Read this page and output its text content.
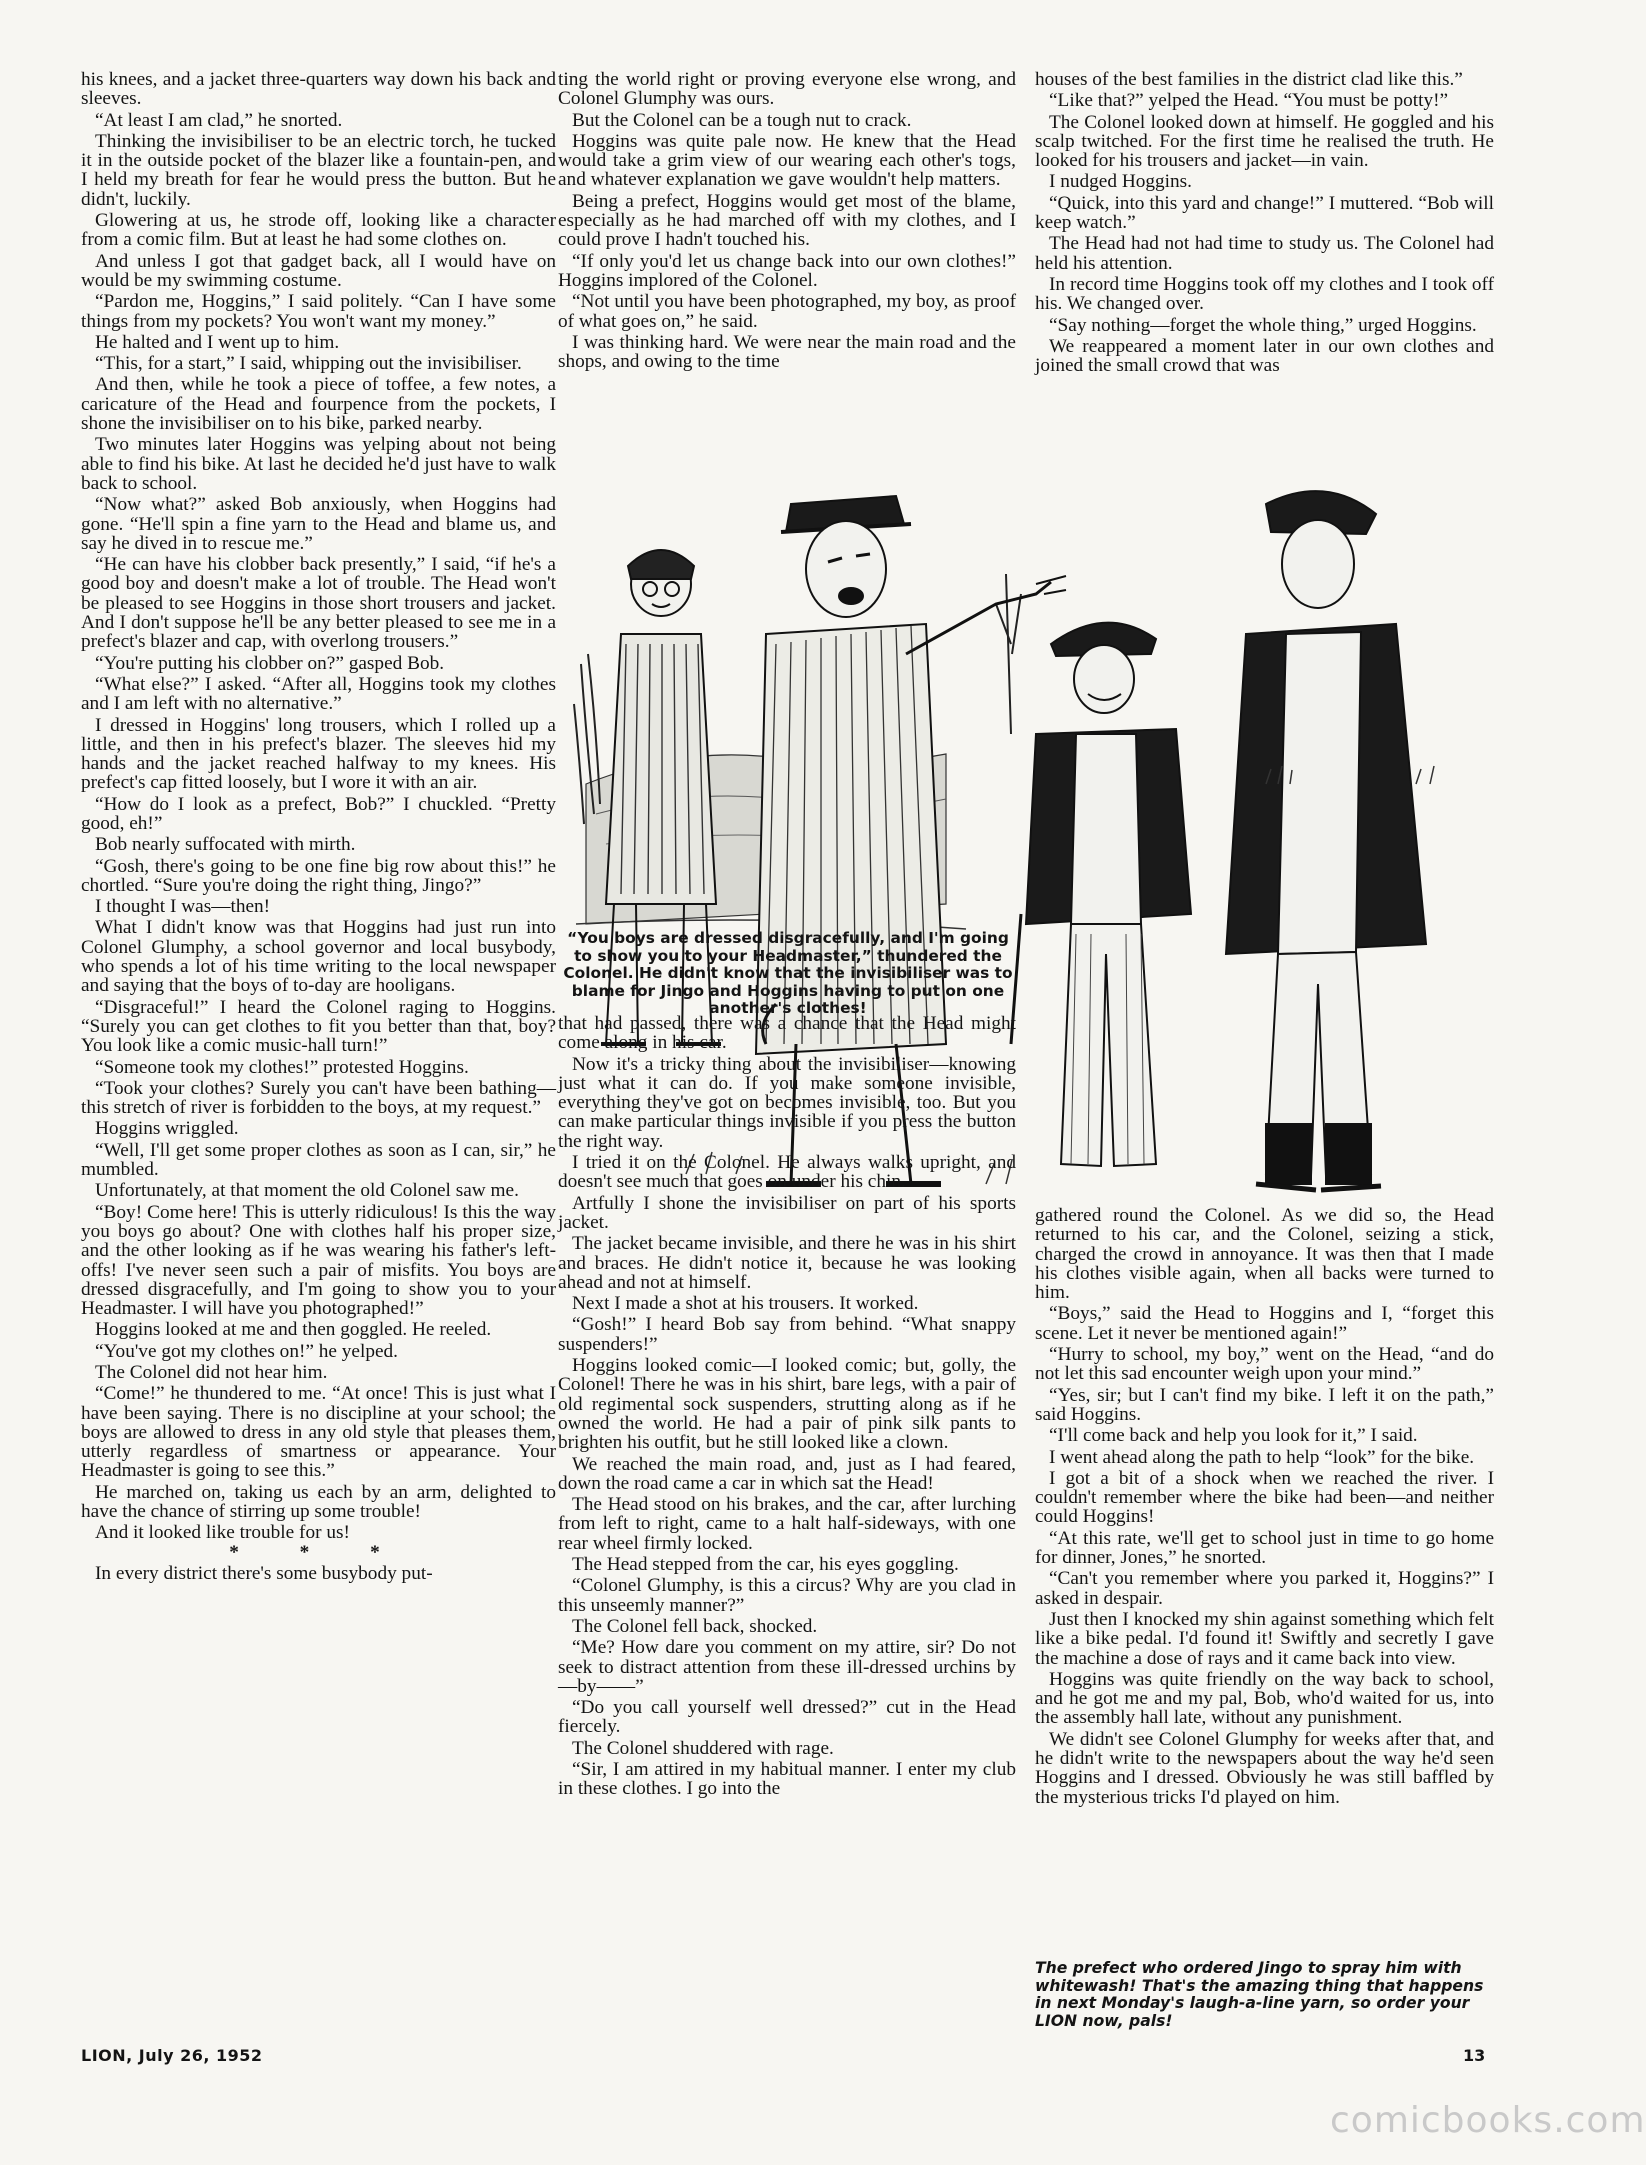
his knees, and a jacket three-quarters way down his back and sleeves.

“At least I am clad,” he snorted.

Thinking the invisibiliser to be an electric torch, he tucked it in the outside pocket of the blazer like a fountain-pen, and I held my breath for fear he would press the button. But he didn't, luckily.

Glowering at us, he strode off, looking like a character from a comic film. But at least he had some clothes on.

And unless I got that gadget back, all I would have on would be my swimming costume.

“Pardon me, Hoggins,” I said politely. “Can I have some things from my pockets? You won't want my money.”

He halted and I went up to him.

“This, for a start,” I said, whipping out the invisibiliser.

And then, while he took a piece of toffee, a few notes, a caricature of the Head and fourpence from the pockets, I shone the invisibiliser on to his bike, parked nearby.

Two minutes later Hoggins was yelping about not being able to find his bike. At last he decided he'd just have to walk back to school.

“Now what?” asked Bob anxiously, when Hoggins had gone. “He'll spin a fine yarn to the Head and blame us, and say he dived in to rescue me.”

“He can have his clobber back presently,” I said, “if he's a good boy and doesn't make a lot of trouble. The Head won't be pleased to see Hoggins in those short trousers and jacket. And I don't suppose he'll be any better pleased to see me in a prefect's blazer and cap, with overlong trousers.”

“You're putting his clobber on?” gasped Bob.

“What else?” I asked. “After all, Hoggins took my clothes and I am left with no alternative.”

I dressed in Hoggins' long trousers, which I rolled up a little, and then in his prefect's blazer. The sleeves hid my hands and the jacket reached halfway to my knees. His prefect's cap fitted loosely, but I wore it with an air.

“How do I look as a prefect, Bob?” I chuckled. “Pretty good, eh!”

Bob nearly suffocated with mirth.

“Gosh, there's going to be one fine big row about this!” he chortled. “Sure you're doing the right thing, Jingo?”

I thought I was—then!

What I didn't know was that Hoggins had just run into Colonel Glumphy, a school governor and local busybody, who spends a lot of his time writing to the local newspaper and saying that the boys of to-day are hooligans.

“Disgraceful!” I heard the Colonel raging to Hoggins. “Surely you can get clothes to fit you better than that, boy? You look like a comic music-hall turn!”

“Someone took my clothes!” protested Hoggins.

“Took your clothes? Surely you can't have been bathing—this stretch of river is forbidden to the boys, at my request.”

Hoggins wriggled.

“Well, I'll get some proper clothes as soon as I can, sir,” he mumbled.

Unfortunately, at that moment the old Colonel saw me.

“Boy! Come here! This is utterly ridiculous! Is this the way you boys go about? One with clothes half his proper size, and the other looking as if he was wearing his father's left-offs! I've never seen such a pair of misfits. You boys are dressed disgracefully, and I'm going to show you to your Headmaster. I will have you photographed!”

Hoggins looked at me and then goggled. He reeled.

“You've got my clothes on!” he yelped.

The Colonel did not hear him.

“Come!” he thundered to me. “At once! This is just what I have been saying. There is no discipline at your school; the boys are allowed to dress in any old style that pleases them, utterly regardless of smartness or appearance. Your Headmaster is going to see this.”

He marched on, taking us each by an arm, delighted to have the chance of stirring up some trouble!

And it looked like trouble for us!

* * *

In every district there's some busybody put-

ting the world right or proving everyone else wrong, and Colonel Glumphy was ours.

But the Colonel can be a tough nut to crack.

Hoggins was quite pale now. He knew that the Head would take a grim view of our wearing each other's togs, and whatever explanation we gave wouldn't help matters.

Being a prefect, Hoggins would get most of the blame, especially as he had marched off with my clothes, and I could prove I hadn't touched his.

“If only you'd let us change back into our own clothes!” Hoggins implored of the Colonel.

“Not until you have been photographed, my boy, as proof of what goes on,” he said.

I was thinking hard. We were near the main road and the shops, and owing to the time

“You boys are dressed disgracefully, and I'm going to show you to your Headmaster,” thundered the Colonel. He didn't know that the invisibiliser was to blame for Jingo and Hoggins having to put on one another's clothes!

that had passed, there was a chance that the Head might come along in his car.

Now it's a tricky thing about the invisibiliser—knowing just what it can do. If you make someone invisible, everything they've got on becomes invisible, too. But you can make particular things invisible if you press the button the right way.

I tried it on the Colonel. He always walks upright, and doesn't see much that goes on under his chin.

Artfully I shone the invisibiliser on part of his sports jacket.

The jacket became invisible, and there he was in his shirt and braces. He didn't notice it, because he was looking ahead and not at himself.

Next I made a shot at his trousers. It worked.

“Gosh!” I heard Bob say from behind. “What snappy suspenders!”

Hoggins looked comic—I looked comic; but, golly, the Colonel! There he was in his shirt, bare legs, with a pair of old regimental sock suspenders, strutting along as if he owned the world. He had a pair of pink silk pants to brighten his outfit, but he still looked like a clown.

We reached the main road, and, just as I had feared, down the road came a car in which sat the Head!

The Head stood on his brakes, and the car, after lurching from left to right, came to a halt half-sideways, with one rear wheel firmly locked.

The Head stepped from the car, his eyes goggling.

“Colonel Glumphy, is this a circus? Why are you clad in this unseemly manner?”

The Colonel fell back, shocked.

“Me? How dare you comment on my attire, sir? Do not seek to distract attention from these ill-dressed urchins by—by——”

“Do you call yourself well dressed?” cut in the Head fiercely.

The Colonel shuddered with rage.

“Sir, I am attired in my habitual manner. I enter my club in these clothes. I go into the

houses of the best families in the district clad like this.”

“Like that?” yelped the Head. “You must be potty!”

The Colonel looked down at himself. He goggled and his scalp twitched. For the first time he realised the truth. He looked for his trousers and jacket—in vain.

I nudged Hoggins.

“Quick, into this yard and change!” I muttered. “Bob will keep watch.”

The Head had not had time to study us. The Colonel had held his attention.

In record time Hoggins took off my clothes and I took off his. We changed over.

“Say nothing—forget the whole thing,” urged Hoggins.

We reappeared a moment later in our own clothes and joined the small crowd that was

gathered round the Colonel. As we did so, the Head returned to his car, and the Colonel, seizing a stick, charged the crowd in annoyance. It was then that I made his clothes visible again, when all backs were turned to him.

“Boys,” said the Head to Hoggins and I, “forget this scene. Let it never be mentioned again!”

“Hurry to school, my boy,” went on the Head, “and do not let this sad encounter weigh upon your mind.”

“Yes, sir; but I can't find my bike. I left it on the path,” said Hoggins.

“I'll come back and help you look for it,” I said.

I went ahead along the path to help “look” for the bike.

I got a bit of a shock when we reached the river. I couldn't remember where the bike had been—and neither could Hoggins!

“At this rate, we'll get to school just in time to go home for dinner, Jones,” he snorted.

“Can't you remember where you parked it, Hoggins?” I asked in despair.

Just then I knocked my shin against something which felt like a bike pedal. I'd found it! Swiftly and secretly I gave the machine a dose of rays and it came back into view.

Hoggins was quite friendly on the way back to school, and he got me and my pal, Bob, who'd waited for us, into the assembly hall late, without any punishment.

We didn't see Colonel Glumphy for weeks after that, and he didn't write to the newspapers about the way he'd seen Hoggins and I dressed. Obviously he was still baffled by the mysterious tricks I'd played on him.

The prefect who ordered Jingo to spray him with whitewash! That's the amazing thing that happens in next Monday's laugh-a-line yarn, so order your LION now, pals!
LION, July 26, 1952	13
comicbooks.com
